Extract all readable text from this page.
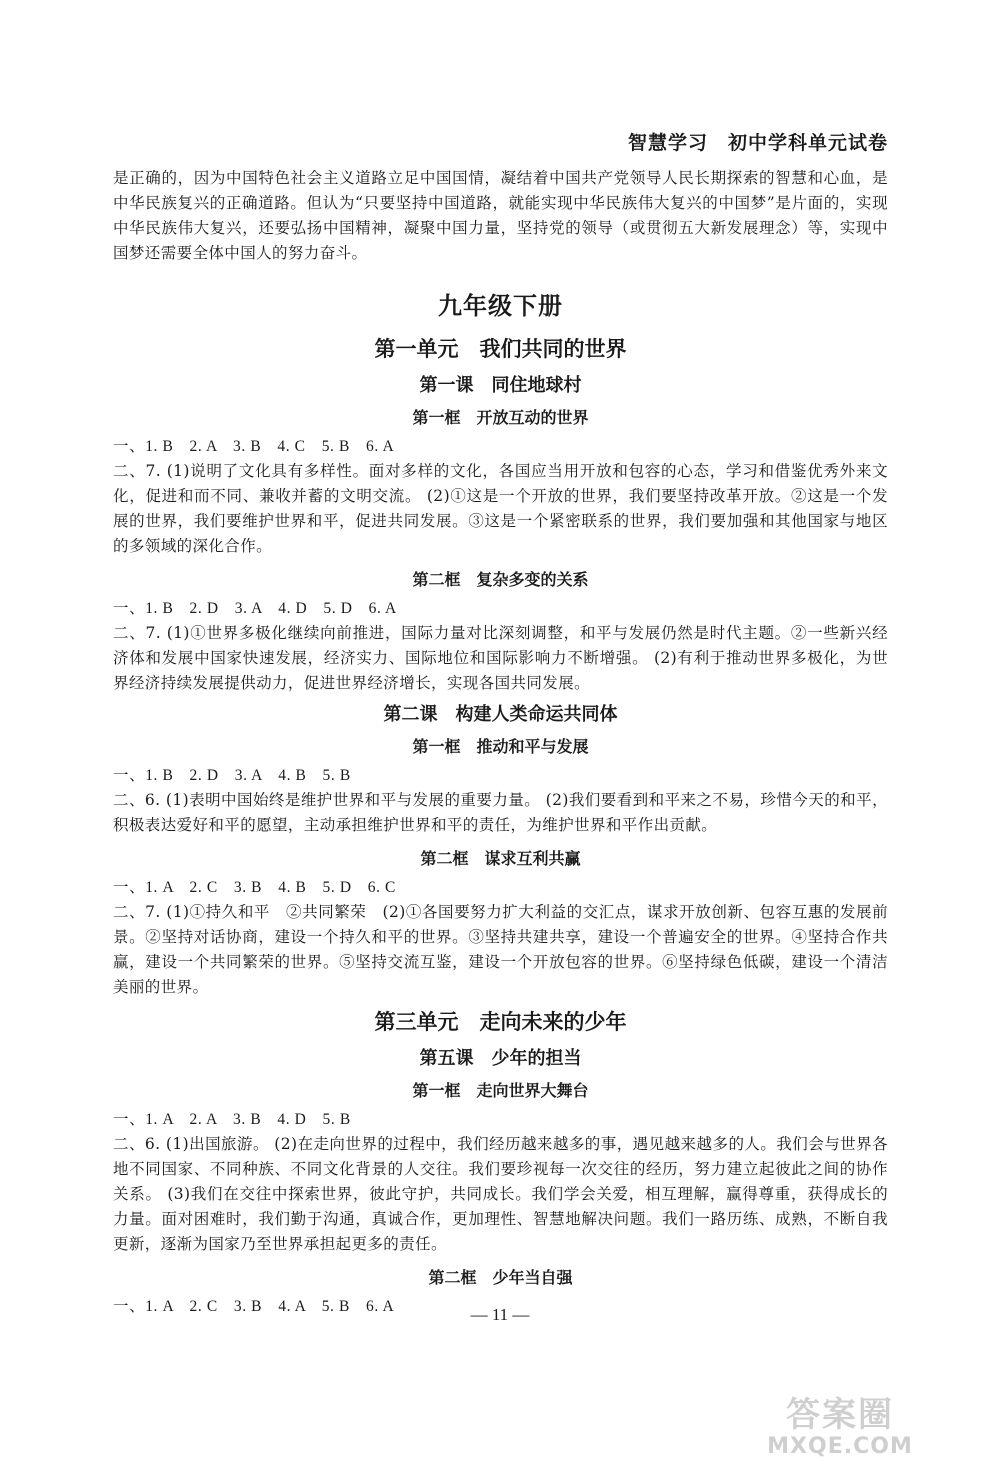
智慧学习　初中学科单元试卷

是正确的，因为中国特色社会主义道路立足中国国情，凝结着中国共产党领导人民长期探索的智慧和心血，是中华民族复兴的正确道路。但认为“只要坚持中国道路，就能实现中华民族伟大复兴的中国梦”是片面的，实现中华民族伟大复兴，还要弘扬中国精神，凝聚中国力量，坚持党的领导（或贯彻五大新发展理念）等，实现中国梦还需要全体中国人的努力奋斗。

九年级下册
第一单元　我们共同的世界
第一课　同住地球村
第一框　开放互动的世界

一、1. B　2. A　3. B　4. C　5. B　6. A

二、7. (1)说明了文化具有多样性。面对多样的文化，各国应当用开放和包容的心态，学习和借鉴优秀外来文化，促进和而不同、兼收并蓄的文明交流。 (2)①这是一个开放的世界，我们要坚持改革开放。②这是一个发展的世界，我们要维护世界和平，促进共同发展。③这是一个紧密联系的世界，我们要加强和其他国家与地区的多领域的深化合作。

第二框　复杂多变的关系

一、1. B　2. D　3. A　4. D　5. D　6. A

二、7. (1)①世界多极化继续向前推进，国际力量对比深刻调整，和平与发展仍然是时代主题。②一些新兴经济体和发展中国家快速发展，经济实力、国际地位和国际影响力不断增强。 (2)有利于推动世界多极化，为世界经济持续发展提供动力，促进世界经济增长，实现各国共同发展。

第二课　构建人类命运共同体
第一框　推动和平与发展

一、1. B　2. D　3. A　4. B　5. B

二、6. (1)表明中国始终是维护世界和平与发展的重要力量。 (2)我们要看到和平来之不易，珍惜今天的和平，积极表达爱好和平的愿望，主动承担维护世界和平的责任，为维护世界和平作出贡献。

第二框　谋求互利共赢

一、1. A　2. C　3. B　4. B　5. D　6. C

二、7. (1)①持久和平　②共同繁荣　(2)①各国要努力扩大利益的交汇点，谋求开放创新、包容互惠的发展前景。②坚持对话协商，建设一个持久和平的世界。③坚持共建共享，建设一个普遍安全的世界。④坚持合作共赢，建设一个共同繁荣的世界。⑤坚持交流互鉴，建设一个开放包容的世界。⑥坚持绿色低碳，建设一个清洁美丽的世界。

第三单元　走向未来的少年
第五课　少年的担当
第一框　走向世界大舞台

一、1. A　2. A　3. B　4. D　5. B

二、6. (1)出国旅游。 (2)在走向世界的过程中，我们经历越来越多的事，遇见越来越多的人。我们会与世界各地不同国家、不同种族、不同文化背景的人交往。我们要珍视每一次交往的经历，努力建立起彼此之间的协作关系。 (3)我们在交往中探索世界，彼此守护，共同成长。我们学会关爱，相互理解，赢得尊重，获得成长的力量。面对困难时，我们勤于沟通，真诚合作，更加理性、智慧地解决问题。我们一路历练、成熟，不断自我更新，逐渐为国家乃至世界承担起更多的责任。

第二框　少年当自强

一、1. A　2. C　3. B　4. A　5. B　6. A	— 11 —
答案圈
MXQE.COM
